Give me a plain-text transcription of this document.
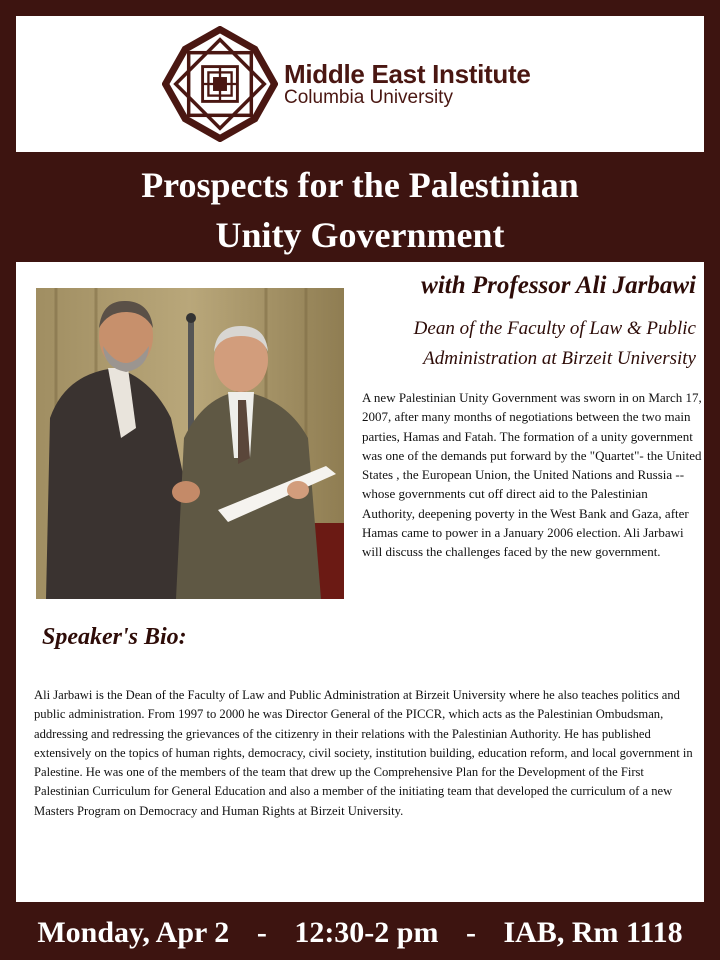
Middle East Institute
Columbia University
Prospects for the Palestinian
Unity Government
with Professor Ali Jarbawi
Dean of the Faculty of Law & Public
Administration at Birzeit University
A new Palestinian Unity Government was sworn in on March 17, 2007, after many months of negotiations between the two main parties, Hamas and Fatah. The formation of a unity government was one of the demands put forward by the "Quartet"- the United States , the European Union, the United Nations and Russia -- whose governments cut off direct aid to the Palestinian Authority, deepening poverty in the West Bank and Gaza, after Hamas came to power in a January 2006 election. Ali Jarbawi will discuss the challenges faced by the new government.
Speaker's Bio:
Ali Jarbawi is the Dean of the Faculty of Law and Public Administration at Birzeit University where he also teaches politics and public administration. From 1997 to 2000 he was Director General of the PICCR, which acts as the Palestinian Ombudsman, addressing and redressing the grievances of the citizenry in their relations with the Palestinian Authority. He has published extensively on the topics of human rights, democracy, civil society, institution building, education reform, and local government in Palestine. He was one of the members of the team that drew up the Comprehensive Plan for the Development of the First Palestinian Curriculum for General Education and also a member of the initiating team that developed the curriculum of a new Masters Program on Democracy and Human Rights at Birzeit University.
Monday, Apr 2 - 12:30-2 pm - IAB, Rm 1118
